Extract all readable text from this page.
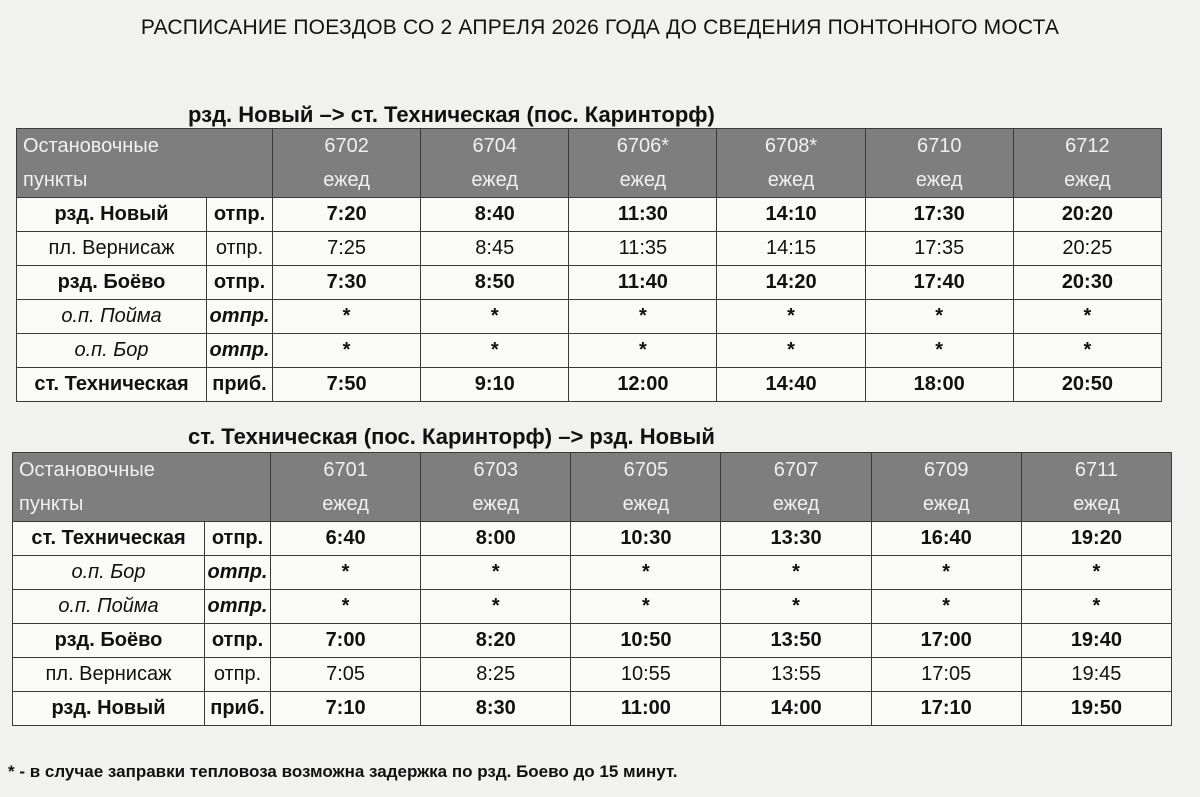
РАСПИСАНИЕ ПОЕЗДОВ СО 2 АПРЕЛЯ 2026 ГОДА ДО СВЕДЕНИЯ ПОНТОННОГО МОСТА
рзд. Новый –> ст. Техническая (пос. Каринторф)
Остановочные		6702	6704	6706*	6708*	6710	6712
пункты		ежед	ежед	ежед	ежед	ежед	ежед
рзд. Новый	отпр.	7:20	8:40	11:30	14:10	17:30	20:20
пл. Вернисаж	отпр.	7:25	8:45	11:35	14:15	17:35	20:25
рзд. Боёво	отпр.	7:30	8:50	11:40	14:20	17:40	20:30
о.п. Пойма	отпр.	*	*	*	*	*	*
о.п. Бор	отпр.	*	*	*	*	*	*
ст. Техническая	приб.	7:50	9:10	12:00	14:40	18:00	20:50
ст. Техническая (пос. Каринторф) –> рзд. Новый
Остановочные		6701	6703	6705	6707	6709	6711
пункты		ежед	ежед	ежед	ежед	ежед	ежед
ст. Техническая	отпр.	6:40	8:00	10:30	13:30	16:40	19:20
о.п. Бор	отпр.	*	*	*	*	*	*
о.п. Пойма	отпр.	*	*	*	*	*	*
рзд. Боёво	отпр.	7:00	8:20	10:50	13:50	17:00	19:40
пл. Вернисаж	отпр.	7:05	8:25	10:55	13:55	17:05	19:45
рзд. Новый	приб.	7:10	8:30	11:00	14:00	17:10	19:50
* - в случае заправки тепловоза возможна задержка по рзд. Боево до 15 минут.
